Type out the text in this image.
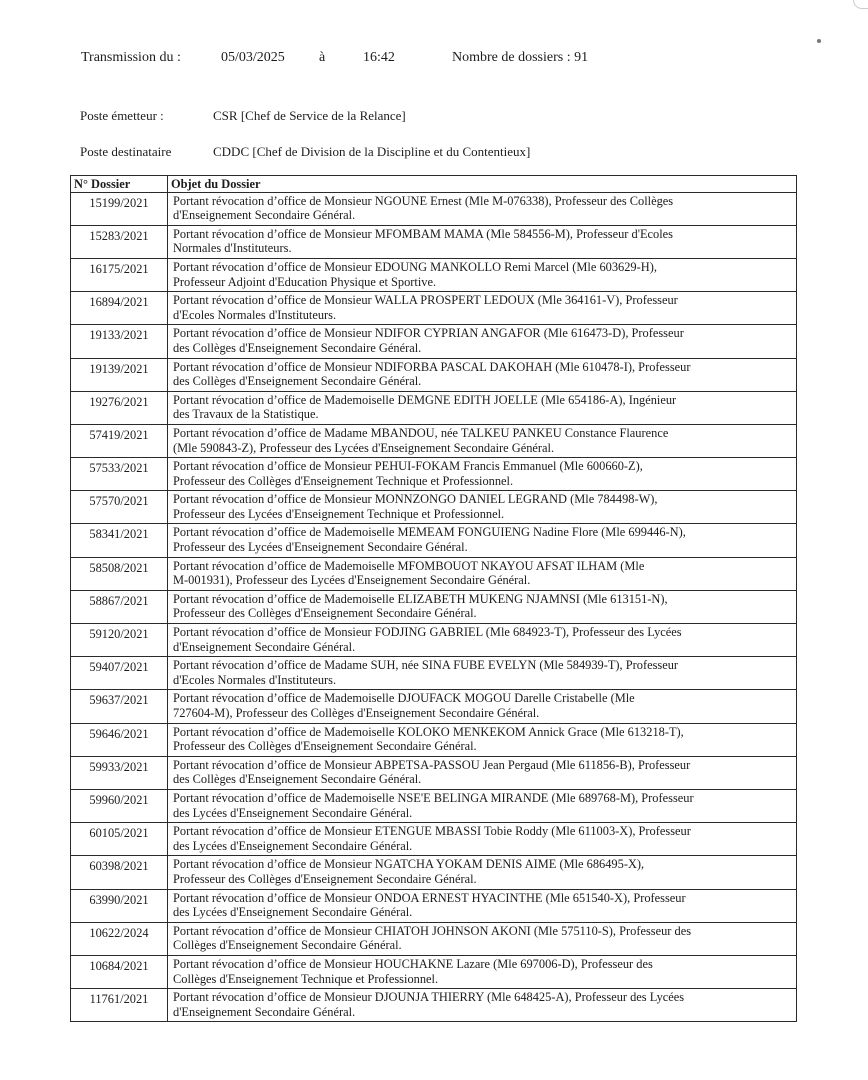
Transmission du :	05/03/2025 à	16:42	Nombre de dossiers : 91
Poste émetteur :	CSR [Chef de Service de la Relance]
Poste destinataire	CDDC [Chef de Division de la Discipline et du Contentieux]
N° Dossier	Objet du Dossier
15199/2021	Portant révocation d’office de Monsieur NGOUNE Ernest (Mle M-076338), Professeur des Collèges
d'Enseignement Secondaire Général.

15283/2021	Portant révocation d’office de Monsieur MFOMBAM MAMA (Mle 584556-M), Professeur d'Ecoles
Normales d'Instituteurs.

16175/2021	Portant révocation d’office de Monsieur EDOUNG MANKOLLO Remi Marcel (Mle 603629-H),
Professeur Adjoint d'Education Physique et Sportive.

16894/2021	Portant révocation d’office de Monsieur WALLA PROSPERT LEDOUX (Mle 364161-V), Professeur
d'Ecoles Normales d'Instituteurs.

19133/2021	Portant révocation d’office de Monsieur NDIFOR CYPRIAN ANGAFOR (Mle 616473-D), Professeur
des Collèges d'Enseignement Secondaire Général.

19139/2021	Portant révocation d’office de Monsieur NDIFORBA PASCAL DAKOHAH (Mle 610478-I), Professeur
des Collèges d'Enseignement Secondaire Général.

19276/2021	Portant révocation d’office de Mademoiselle DEMGNE EDITH JOELLE (Mle 654186-A), Ingénieur
des Travaux de la Statistique.

57419/2021	Portant révocation d’office de Madame MBANDOU, née TALKEU PANKEU Constance Flaurence
(Mle 590843-Z), Professeur des Lycées d'Enseignement Secondaire Général.

57533/2021	Portant révocation d’office de Monsieur PEHUI-FOKAM Francis Emmanuel (Mle 600660-Z),
Professeur des Collèges d'Enseignement Technique et Professionnel.

57570/2021	Portant révocation d’office de Monsieur MONNZONGO DANIEL LEGRAND (Mle 784498-W),
Professeur des Lycées d'Enseignement Technique et Professionnel.

58341/2021	Portant révocation d’office de Mademoiselle MEMEAM FONGUIENG Nadine Flore (Mle 699446-N),
Professeur des Lycées d'Enseignement Secondaire Général.

58508/2021	Portant révocation d’office de Mademoiselle MFOMBOUOT NKAYOU AFSAT ILHAM (Mle
M-001931), Professeur des Lycées d'Enseignement Secondaire Général.

58867/2021	Portant révocation d’office de Mademoiselle ELIZABETH MUKENG NJAMNSI (Mle 613151-N),
Professeur des Collèges d'Enseignement Secondaire Général.

59120/2021	Portant révocation d’office de Monsieur FODJING GABRIEL (Mle 684923-T), Professeur des Lycées
d'Enseignement Secondaire Général.

59407/2021	Portant révocation d’office de Madame SUH, née SINA FUBE EVELYN (Mle 584939-T), Professeur
d'Ecoles Normales d'Instituteurs.

59637/2021	Portant révocation d’office de Mademoiselle DJOUFACK MOGOU Darelle Cristabelle (Mle
727604-M), Professeur des Collèges d'Enseignement Secondaire Général.

59646/2021	Portant révocation d’office de Mademoiselle KOLOKO MENKEKOM Annick Grace (Mle 613218-T),
Professeur des Collèges d'Enseignement Secondaire Général.

59933/2021	Portant révocation d’office de Monsieur ABPETSA-PASSOU Jean Pergaud (Mle 611856-B), Professeur
des Collèges d'Enseignement Secondaire Général.

59960/2021	Portant révocation d’office de Mademoiselle NSE'E BELINGA MIRANDE (Mle 689768-M), Professeur
des Lycées d'Enseignement Secondaire Général.

60105/2021	Portant révocation d’office de Monsieur ETENGUE MBASSI Tobie Roddy (Mle 611003-X), Professeur
des Lycées d'Enseignement Secondaire Général.

60398/2021	Portant révocation d’office de Monsieur NGATCHA YOKAM DENIS AIME (Mle 686495-X),
Professeur des Collèges d'Enseignement Secondaire Général.

63990/2021	Portant révocation d’office de Monsieur ONDOA ERNEST HYACINTHE (Mle 651540-X), Professeur
des Lycées d'Enseignement Secondaire Général.

10622/2024	Portant révocation d’office de Monsieur CHIATOH JOHNSON AKONI (Mle 575110-S), Professeur des
Collèges d'Enseignement Secondaire Général.

10684/2021	Portant révocation d’office de Monsieur HOUCHAKNE Lazare (Mle 697006-D), Professeur des
Collèges d'Enseignement Technique et Professionnel.

11761/2021	Portant révocation d’office de Monsieur DJOUNJA THIERRY (Mle 648425-A), Professeur des Lycées
d'Enseignement Secondaire Général.
